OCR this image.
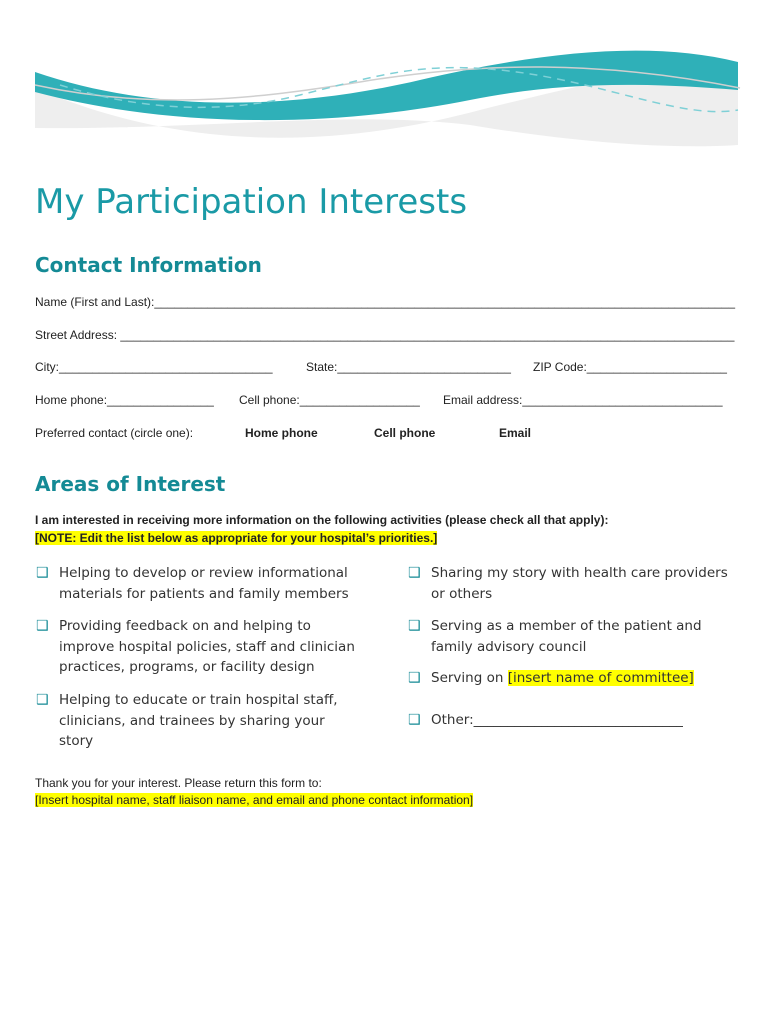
My Participation Interests
Contact Information
Name (First and Last):_______________________________________________________________________________________
Street Address: ____________________________________________________________________________________________
City:________________________________	State:__________________________ ZIP Code:_____________________
Home phone:________________ Cell phone:__________________ Email address:______________________________
Preferred contact (circle one):	Home phone	Cell phone	Email
Areas of Interest
I am interested in receiving more information on the following activities (please check all that apply):
[NOTE: Edit the list below as appropriate for your hospital’s priorities.]
❑ Helping to develop or review informational
materials for patients and family members
❑ Providing feedback on and helping to
improve hospital policies, staff and clinician
practices, programs, or facility design
❑ Helping to educate or train hospital staff,
clinicians, and trainees by sharing your
story
❑ Sharing my story with health care providers
or others
❑ Serving as a member of the patient and
family advisory council
❑ Serving on [insert name of committee]
❑ Other:_______________________________
Thank you for your interest. Please return this form to:
[Insert hospital name, staff liaison name, and email and phone contact information]
